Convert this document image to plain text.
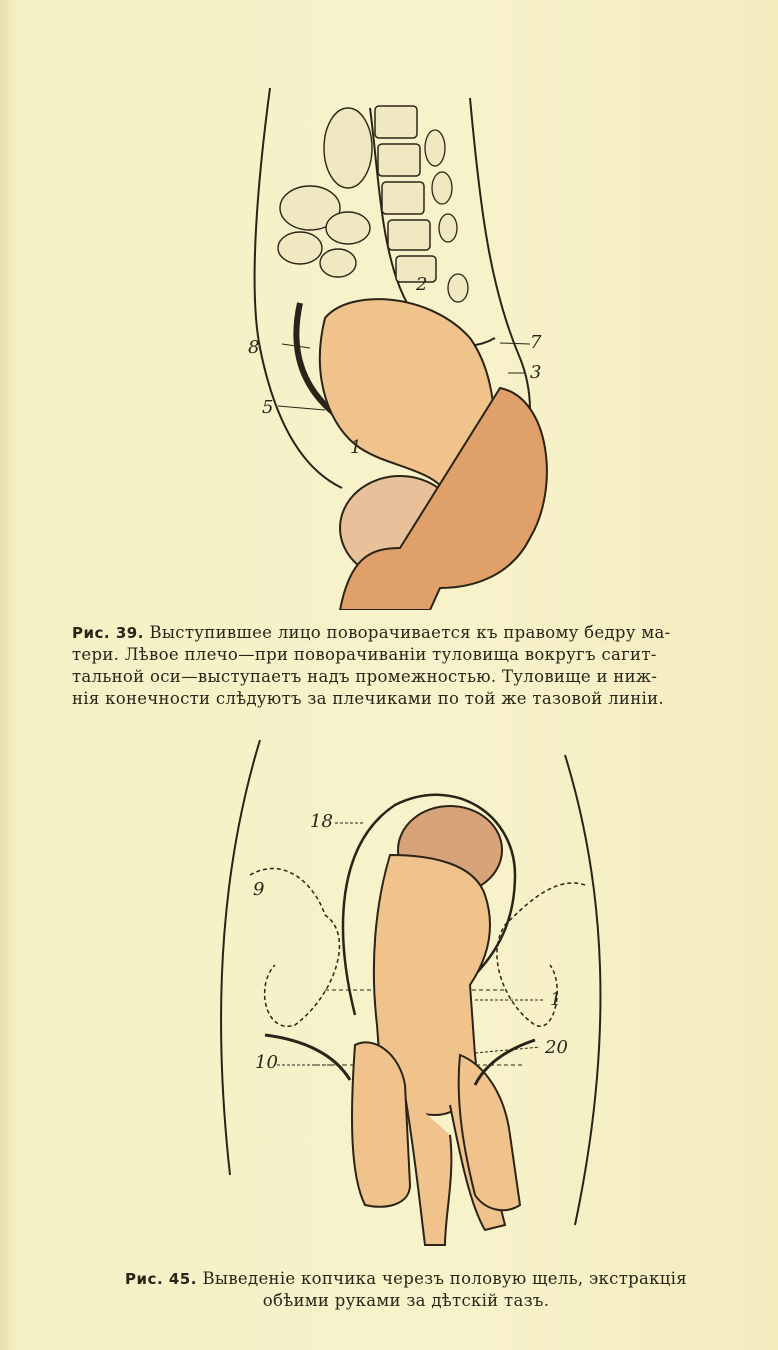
8
5
7
3
2
1
Рис. 39. Выступившее лицо поворачивается къ правому бедру ма-
тери. Лѣвое плечо—при поворачиванiи туловища вокругъ сагит-
тальной оси—выступаетъ надъ промежностью. Туловище и ниж-
нiя конечности слѣдуютъ за плечиками по той же тазовой линiи.
18
9
1
20
10
Рис. 45. Выведенiе копчика черезъ половую щель, экстракцiя
обѣими руками за дѣтскiй тазъ.
